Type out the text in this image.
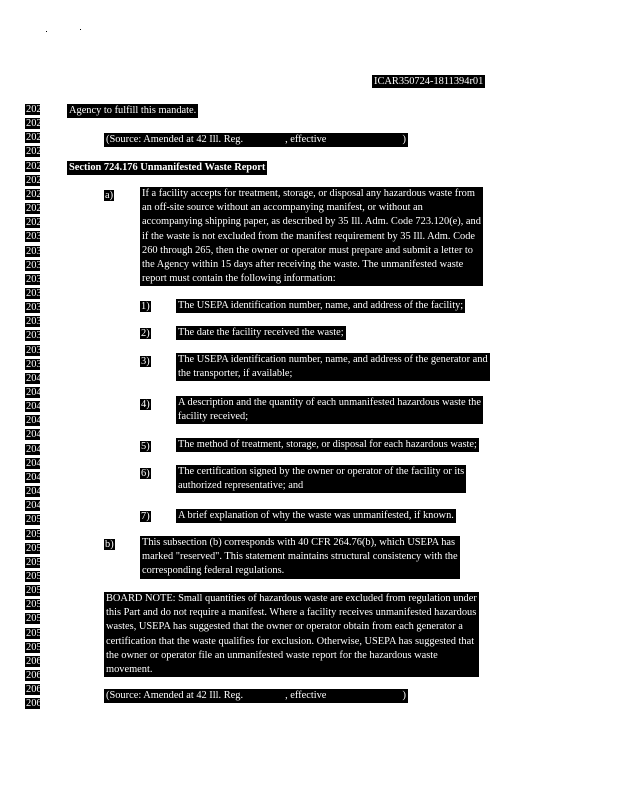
ICAR350724-1811394r01
2021
2022
2023
2024
2025
2026
2027
2028
2029
2030
2031
2032
2033
2034
2035
2036
2037
2038
2039
2040
2041
2042
2043
2044
2045
2046
2047
2048
2049
2050
2051
2052
2053
2054
2055
2056
2057
2058
2059
2060
2061
2062
2063
Agency to fulfill this mandate.
(Source: Amended at 42 Ill. Reg.	, effective	)
Section 724.176 Unmanifested Waste Report
a)	If a facility accepts for treatment, storage, or disposal any hazardous waste from
an off-site source without an accompanying manifest, or without an
accompanying shipping paper, as described by 35 Ill. Adm. Code 723.120(e), and
if the waste is not excluded from the manifest requirement by 35 Ill. Adm. Code
260 through 265, then the owner or operator must prepare and submit a letter to
the Agency within 15 days after receiving the waste. The unmanifested waste
report must contain the following information:
1)	The USEPA identification number, name, and address of the facility;
2)	The date the facility received the waste;
3)	The USEPA identification number, name, and address of the generator and
the transporter, if available;
4)	A description and the quantity of each unmanifested hazardous waste the
facility received;
5)	The method of treatment, storage, or disposal for each hazardous waste;
6)	The certification signed by the owner or operator of the facility or its
authorized representative; and
7)	A brief explanation of why the waste was unmanifested, if known.
b)	This subsection (b) corresponds with 40 CFR 264.76(b), which USEPA has
marked "reserved". This statement maintains structural consistency with the
corresponding federal regulations.
BOARD NOTE: Small quantities of hazardous waste are excluded from regulation under
this Part and do not require a manifest. Where a facility receives unmanifested hazardous
wastes, USEPA has suggested that the owner or operator obtain from each generator a
certification that the waste qualifies for exclusion. Otherwise, USEPA has suggested that
the owner or operator file an unmanifested waste report for the hazardous waste
movement.
(Source: Amended at 42 Ill. Reg.	, effective	)
